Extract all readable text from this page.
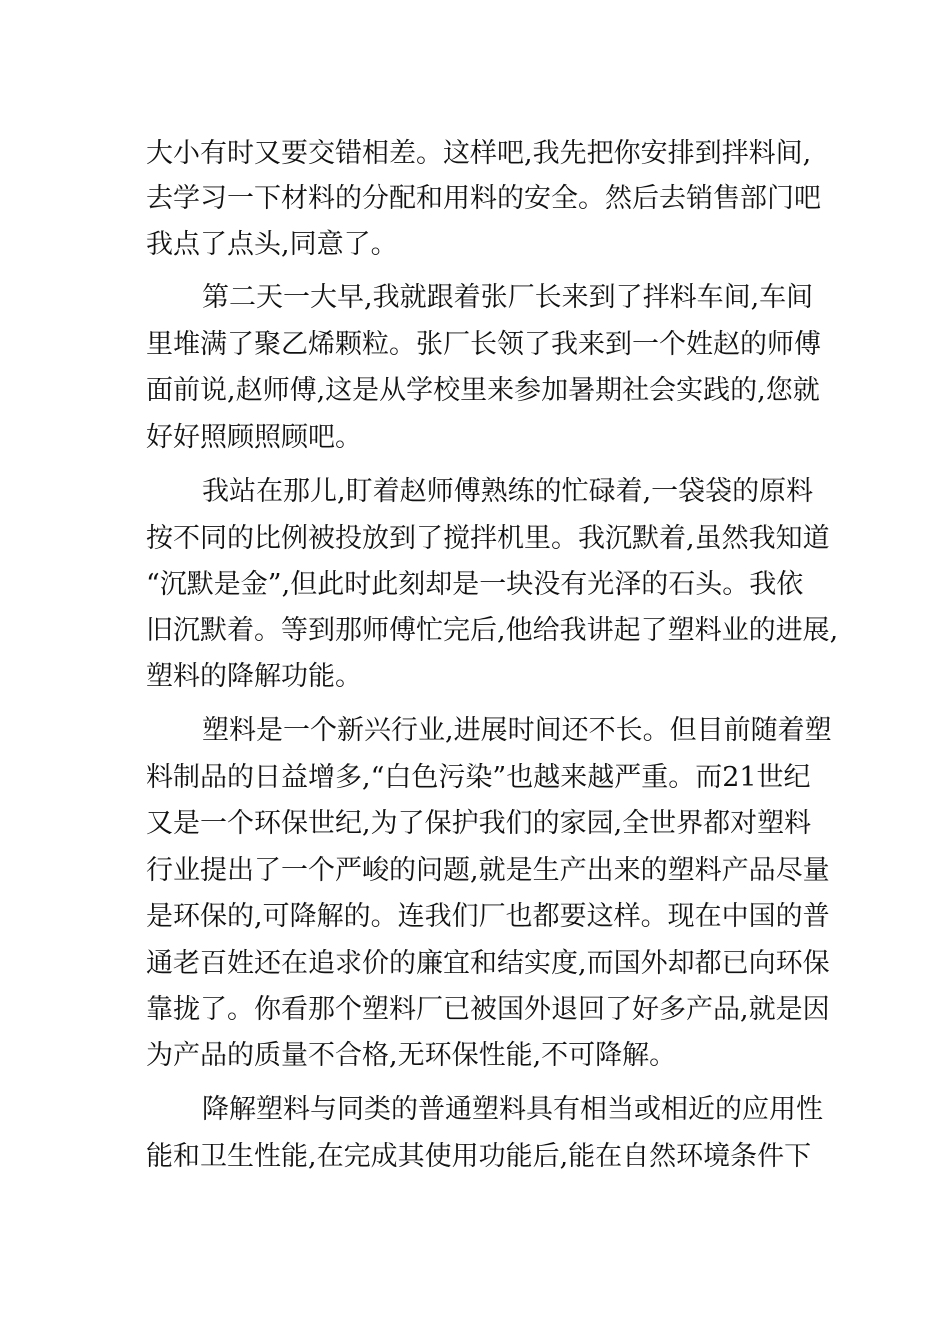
大小有时又要交错相差。这样吧,我先把你安排到拌料间,
去学习一下材料的分配和用料的安全。然后去销售部门吧
我点了点头,同意了。
第二天一大早,我就跟着张厂长来到了拌料车间,车间
里堆满了聚乙烯颗粒。张厂长领了我来到一个姓赵的师傅
面前说,赵师傅,这是从学校里来参加暑期社会实践的,您就
好好照顾照顾吧。
我站在那儿,盯着赵师傅熟练的忙碌着,一袋袋的原料
按不同的比例被投放到了搅拌机里。我沉默着,虽然我知道
“沉默是金”,但此时此刻却是一块没有光泽的石头。我依
旧沉默着。等到那师傅忙完后,他给我讲起了塑料业的进展,
塑料的降解功能。
塑料是一个新兴行业,进展时间还不长。但目前随着塑
料制品的日益增多,“白色污染”也越来越严重。而21世纪
又是一个环保世纪,为了保护我们的家园,全世界都对塑料
行业提出了一个严峻的问题,就是生产出来的塑料产品尽量
是环保的,可降解的。连我们厂也都要这样。现在中国的普
通老百姓还在追求价的廉宜和结实度,而国外却都已向环保
靠拢了。你看那个塑料厂已被国外退回了好多产品,就是因
为产品的质量不合格,无环保性能,不可降解。
降解塑料与同类的普通塑料具有相当或相近的应用性
能和卫生性能,在完成其使用功能后,能在自然环境条件下
